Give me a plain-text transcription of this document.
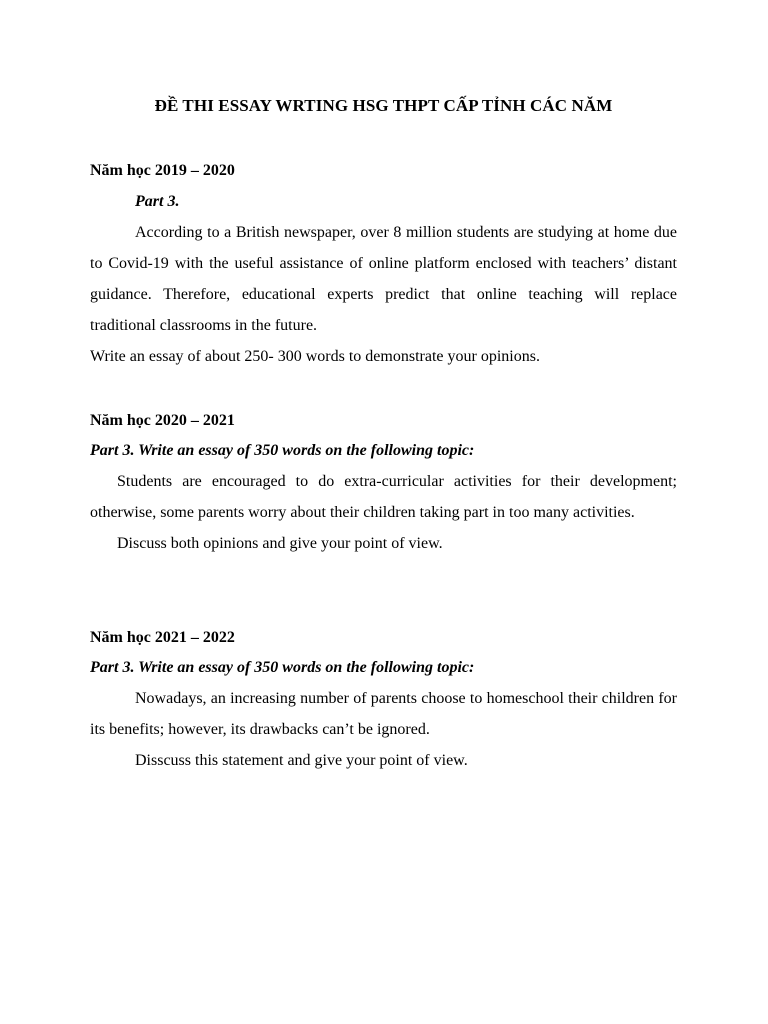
ĐỀ THI ESSAY WRTING HSG THPT CẤP TỈNH CÁC NĂM
Năm học 2019 – 2020
Part 3.

According to a British newspaper, over 8 million students are studying at home due to Covid-19 with the useful assistance of online platform enclosed with teachers’ distant guidance. Therefore, educational experts predict that online teaching will replace traditional classrooms in the future.

Write an essay of about 250- 300 words to demonstrate your opinions.

Năm học 2020 – 2021
Part 3. Write an essay of 350 words on the following topic:

Students are encouraged to do extra-curricular activities for their development; otherwise, some parents worry about their children taking part in too many activities.

Discuss both opinions and give your point of view.

Năm học 2021 – 2022
Part 3. Write an essay of 350 words on the following topic:

Nowadays, an increasing number of parents choose to homeschool their children for its benefits; however, its drawbacks can’t be ignored.

Disscuss this statement and give your point of view.
